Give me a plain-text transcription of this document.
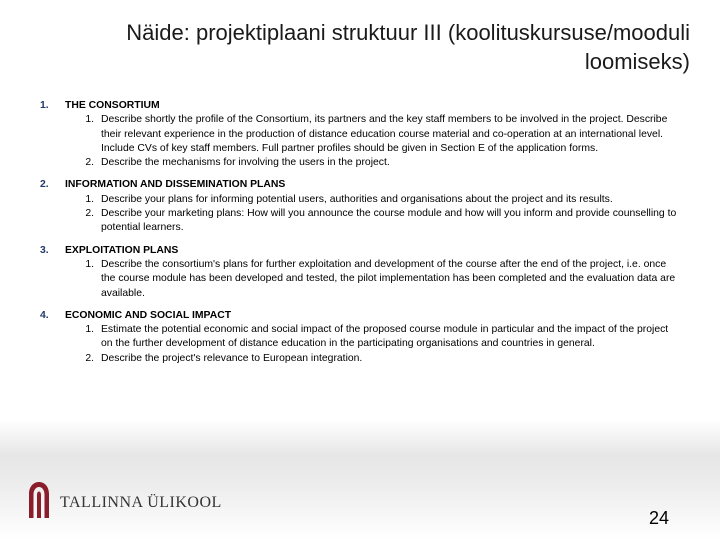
Näide: projektiplaani struktuur III (koolituskursuse/mooduli loomiseks)
1. THE CONSORTIUM
1. Describe shortly the profile of the Consortium, its partners and the key staff members to be involved in the project. Describe their relevant experience in the production of distance education course material and co-operation at an international level. Include CVs of key staff members. Full partner profiles should be given in Section E of the application forms.
2. Describe the mechanisms for involving the users in the project.
2. INFORMATION AND DISSEMINATION PLANS
1. Describe your plans for informing potential users, authorities and organisations about the project and its results.
2. Describe your marketing plans: How will you announce the course module and how will you inform and provide counselling to potential learners.
3. EXPLOITATION PLANS
1. Describe the consortium's plans for further exploitation and development of the course after the end of the project, i.e. once the course module has been developed and tested, the pilot implementation has been completed and the evaluation data are available.
4. ECONOMIC AND SOCIAL IMPACT
1. Estimate the potential economic and social impact of the proposed course module in particular and the impact of the project on the further development of distance education in the participating organisations and countries in general.
2. Describe the project's relevance to European integration.
TALLINNA ÜLIKOOL
24
